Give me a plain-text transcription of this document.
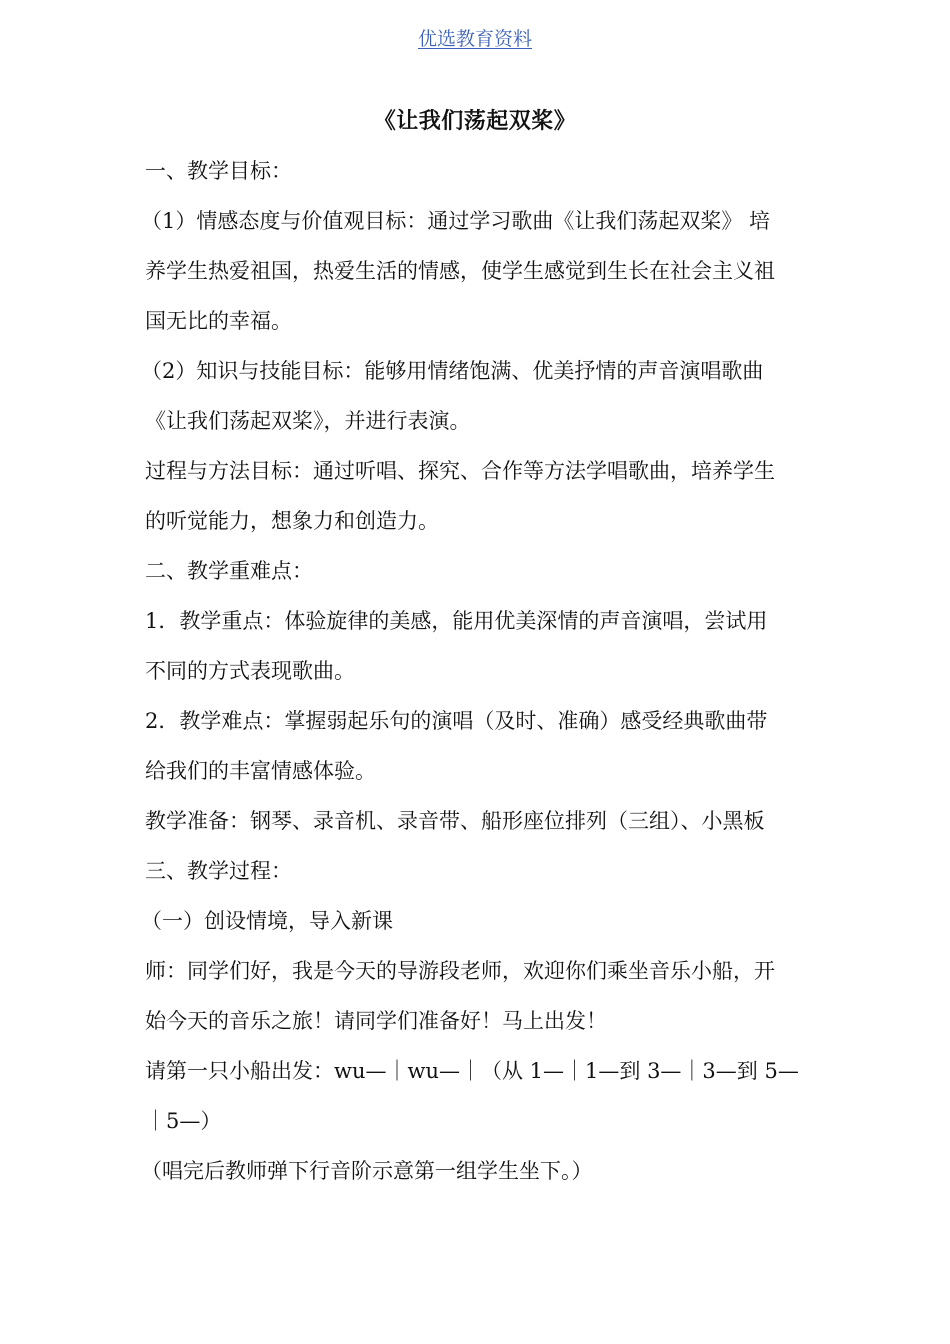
优选教育资料
《让我们荡起双桨》
一、教学目标：
（1）情感态度与价值观目标：通过学习歌曲《让我们荡起双桨》 培
养学生热爱祖国，热爱生活的情感，使学生感觉到生长在社会主义祖
国无比的幸福。
（2）知识与技能目标：能够用情绪饱满、优美抒情的声音演唱歌曲
《让我们荡起双桨》，并进行表演。
过程与方法目标：通过听唱、探究、合作等方法学唱歌曲，培养学生
的听觉能力，想象力和创造力。
二、教学重难点：
1．教学重点：体验旋律的美感，能用优美深情的声音演唱，尝试用
不同的方式表现歌曲。
2．教学难点：掌握弱起乐句的演唱（及时、准确）感受经典歌曲带
给我们的丰富情感体验。
教学准备：钢琴、录音机、录音带、船形座位排列（三组）、小黑板
三、教学过程：
（一）创设情境，导入新课
师：同学们好，我是今天的导游段老师，欢迎你们乘坐音乐小船，开
始今天的音乐之旅！请同学们准备好！马上出发！
请第一只小船出发：wu—｜wu—｜（从 1—｜1—到 3—｜3—到 5—
｜5—）
（唱完后教师弹下行音阶示意第一组学生坐下。）
